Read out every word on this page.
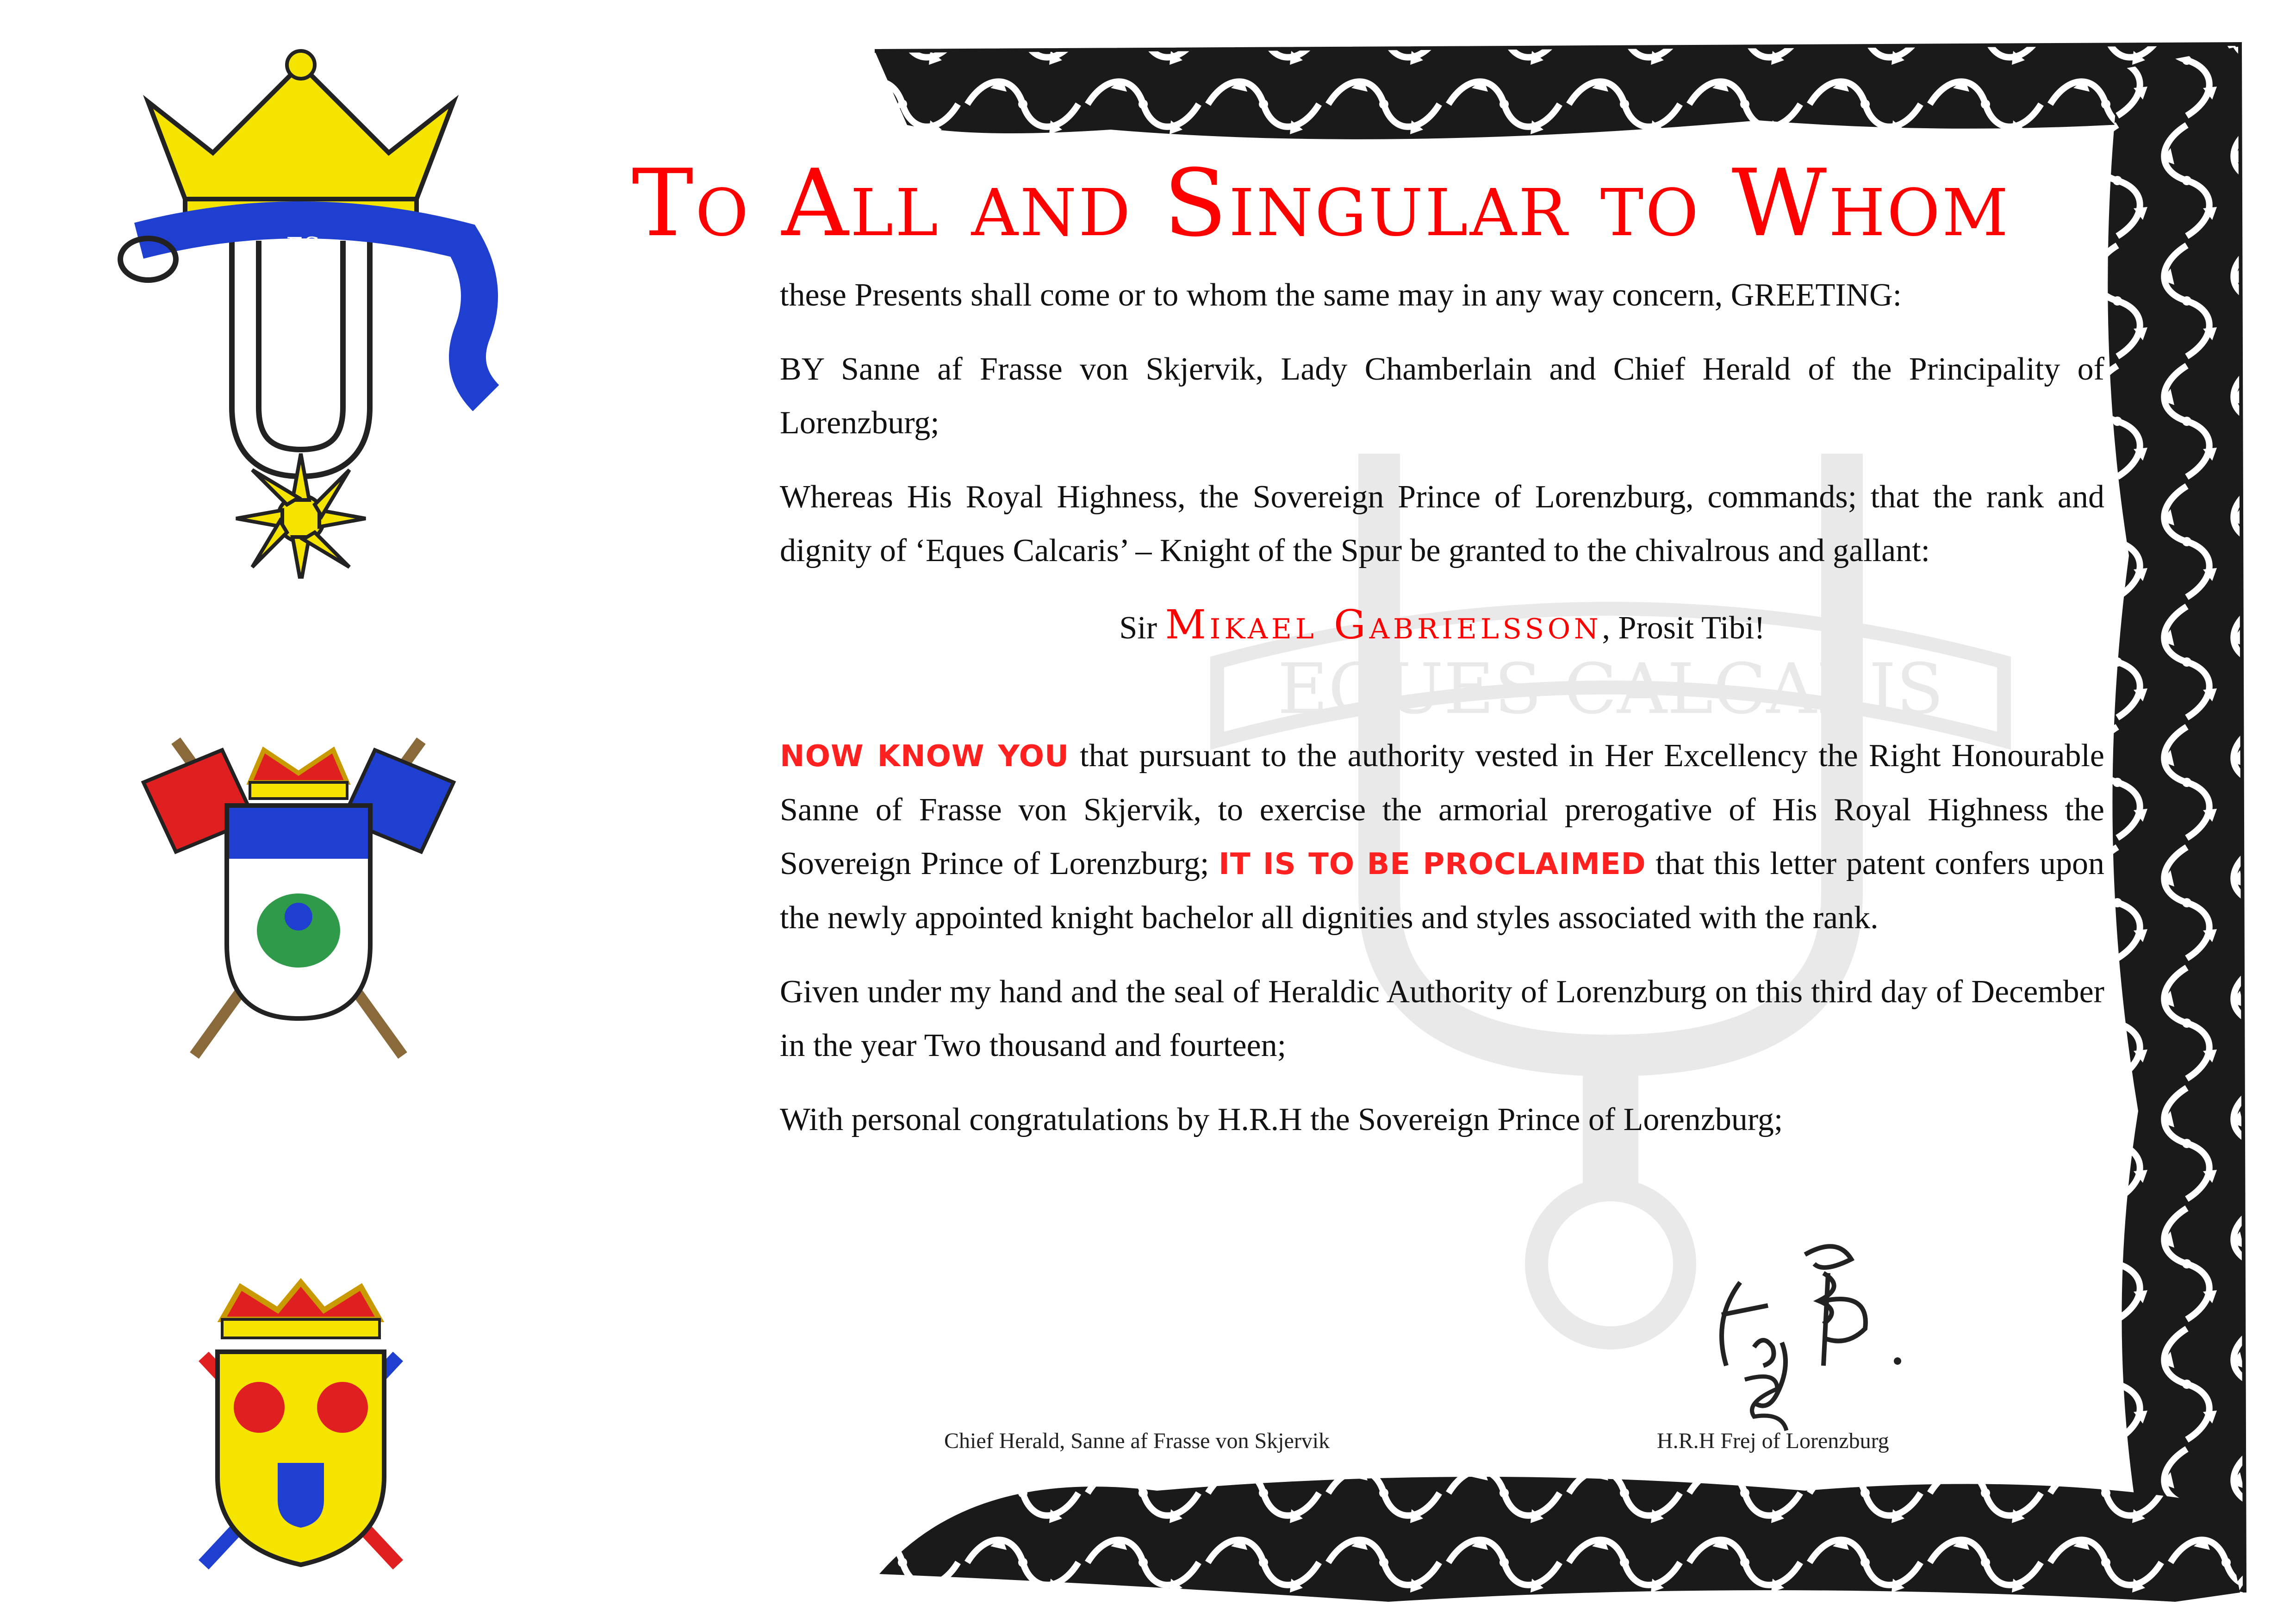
EQUES CALCARIS
ES	To All and Singular to Whom

these Presents shall come or to whom the same may in any way concern, GREETING:

BY Sanne af Frasse von Skjervik, Lady Chamberlain and Chief Herald of the Principality of Lorenzburg;

Whereas His Royal Highness, the Sovereign Prince of Lorenzburg, commands; that the rank and dignity of ‘Eques Calcaris’ – Knight of the Spur be granted to the chivalrous and gallant:

Sir Mikael Gabrielsson, Prosit Tibi!

NOW KNOW YOU that pursuant to the authority vested in Her Excellency the Right Honourable Sanne of Frasse von Skjervik, to exercise the armorial prerogative of His Royal Highness the Sovereign Prince of Lorenzburg; IT IS TO BE PROCLAIMED that this letter patent confers upon the newly appointed knight bachelor all dignities and styles associated with the rank.

Given under my hand and the seal of Heraldic Authority of Lorenzburg on this third day of December in the year Two thousand and fourteen;

With personal congratulations by H.R.H the Sovereign Prince of Lorenzburg;

Chief Herald, Sanne af Frasse von Skjervik	H.R.H Frej of Lorenzburg
